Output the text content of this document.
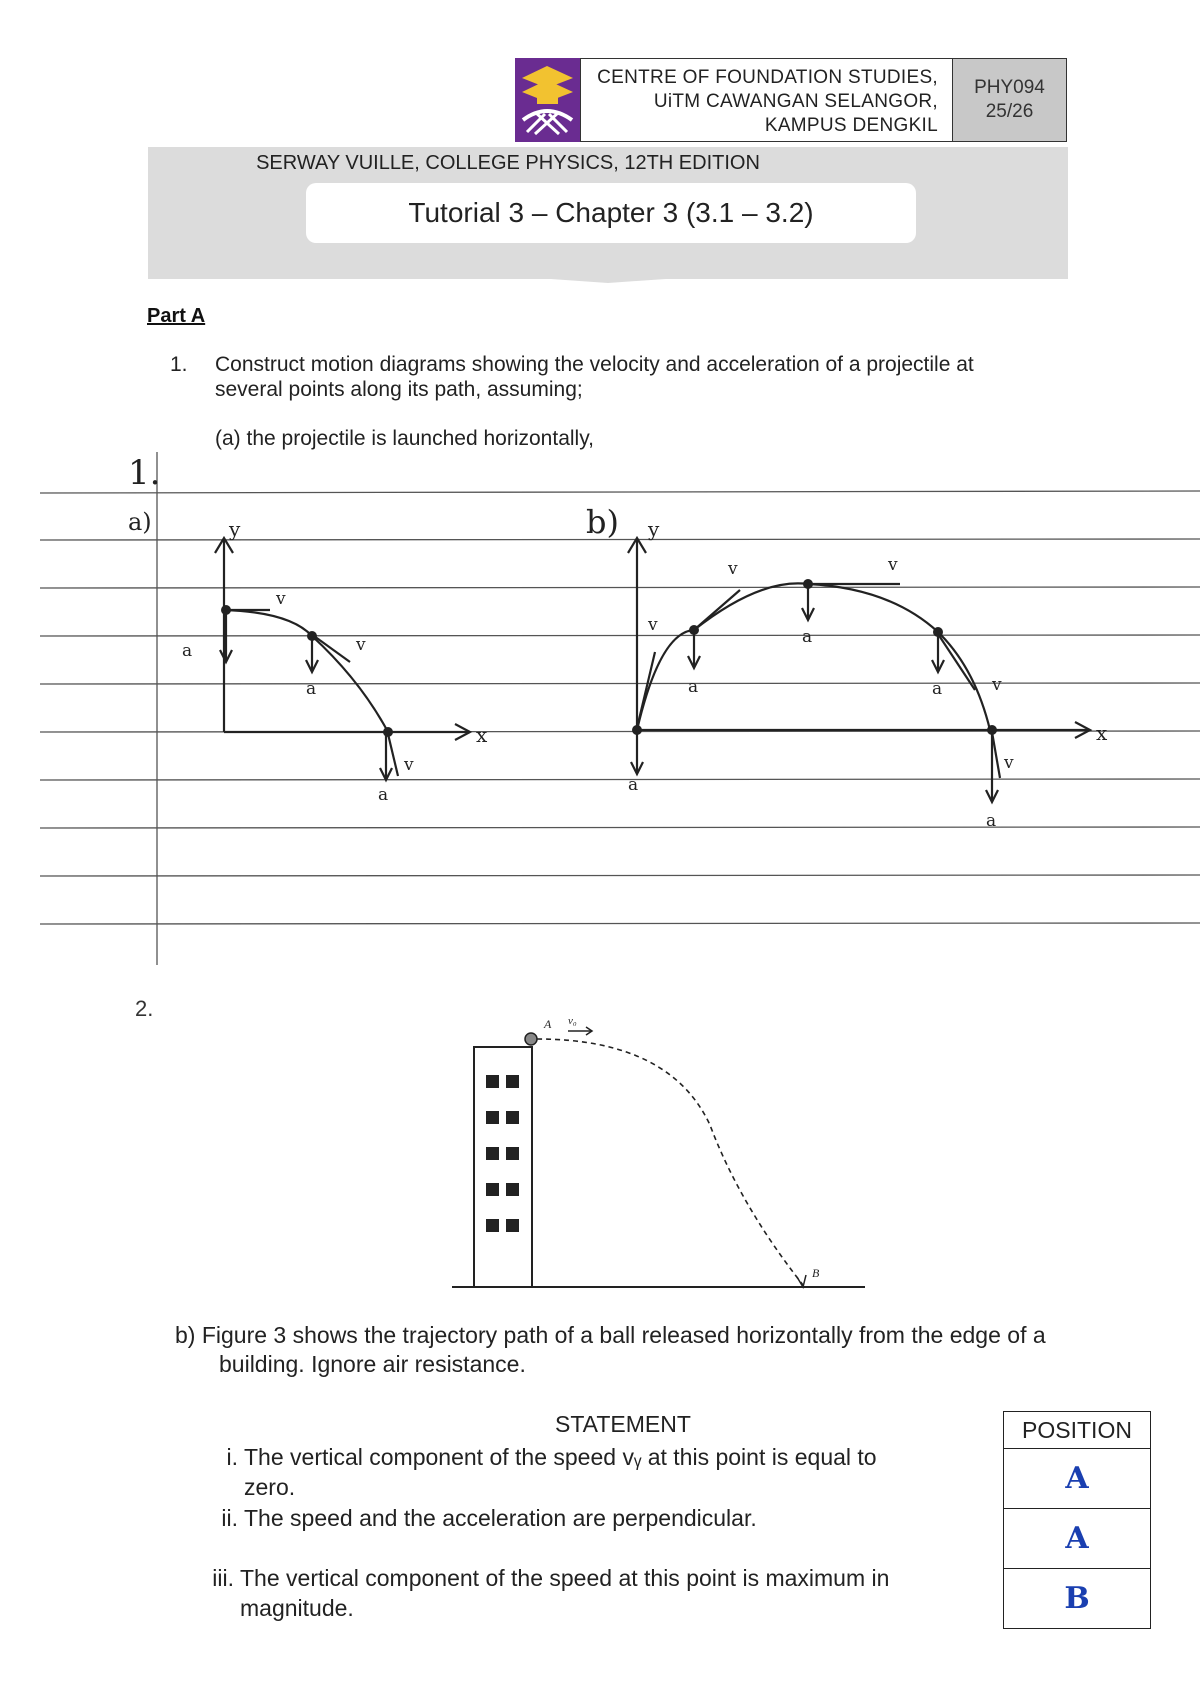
CENTRE OF FOUNDATION STUDIES,
UiTM CAWANGAN SELANGOR,
KAMPUS DENGKIL
PHY094
25/26
SERWAY VUILLE, COLLEGE PHYSICS, 12TH EDITION
Tutorial 3 – Chapter 3 (3.1 – 3.2)
Part A
1. Construct motion diagrams showing the velocity and acceleration of a projectile at
several points along its path, assuming;
(a) the projectile is launched horizontally,
1.
a)	b)
y	y
x	x
v
v
v
a
a
a
v
v	v
v
v
a
a
a
a
a
2.
A v₀
B
b) Figure 3 shows the trajectory path of a ball released horizontally from the edge of a
building. Ignore air resistance.
STATEMENT
i. The vertical component of the speed vᵧ at this point is equal to
zero.
ii. The speed and the acceleration are perpendicular.
iii. The vertical component of the speed at this point is maximum in
magnitude.
POSITION
A
A
B
